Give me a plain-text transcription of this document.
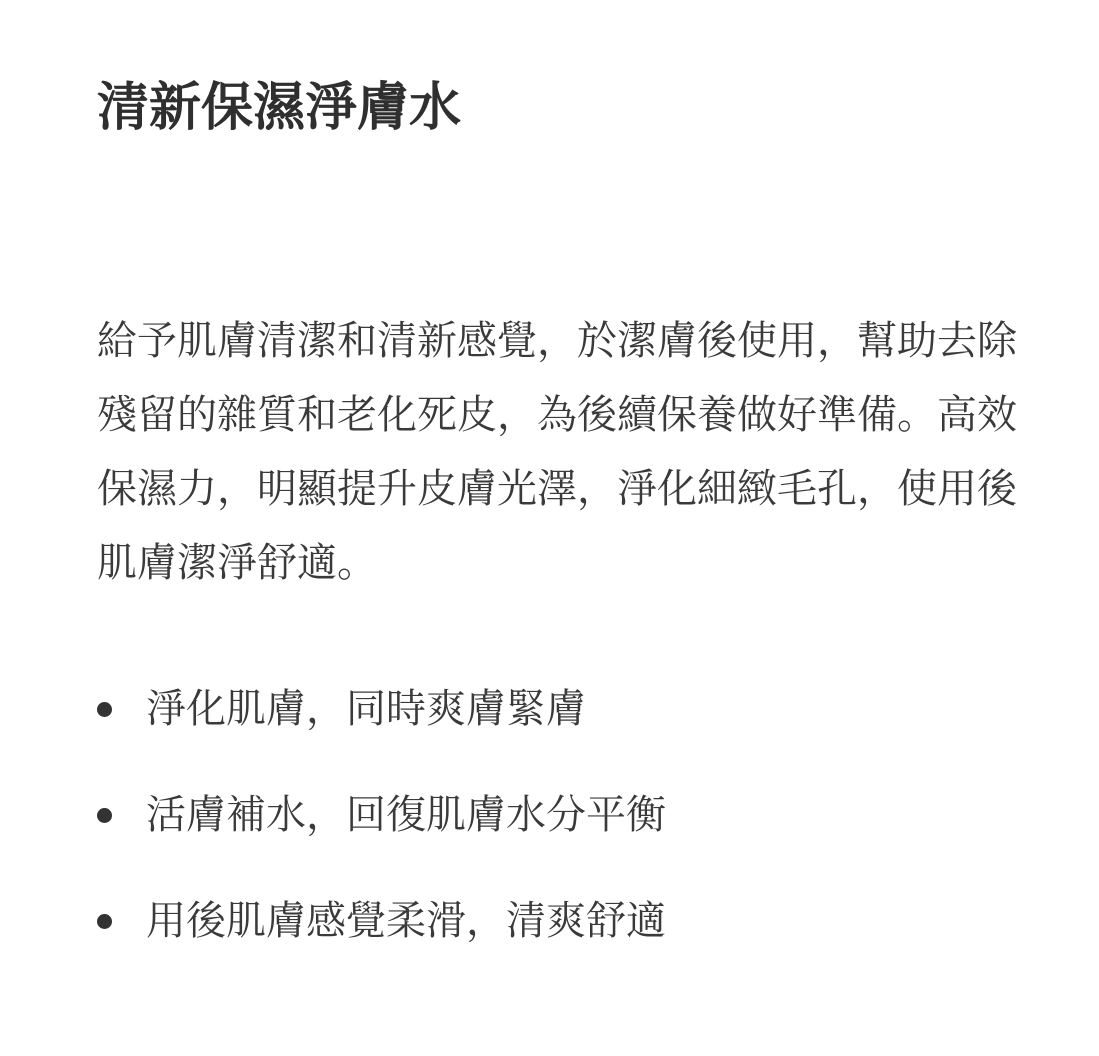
清新保濕淨膚水

給予肌膚清潔和清新感覺，於潔膚後使用，幫助去除殘留的雜質和老化死皮，為後續保養做好準備。高效保濕力，明顯提升皮膚光澤，淨化細緻毛孔，使用後肌膚潔淨舒適。

淨化肌膚，同時爽膚緊膚
活膚補水，回復肌膚水分平衡
用後肌膚感覺柔滑，清爽舒適
